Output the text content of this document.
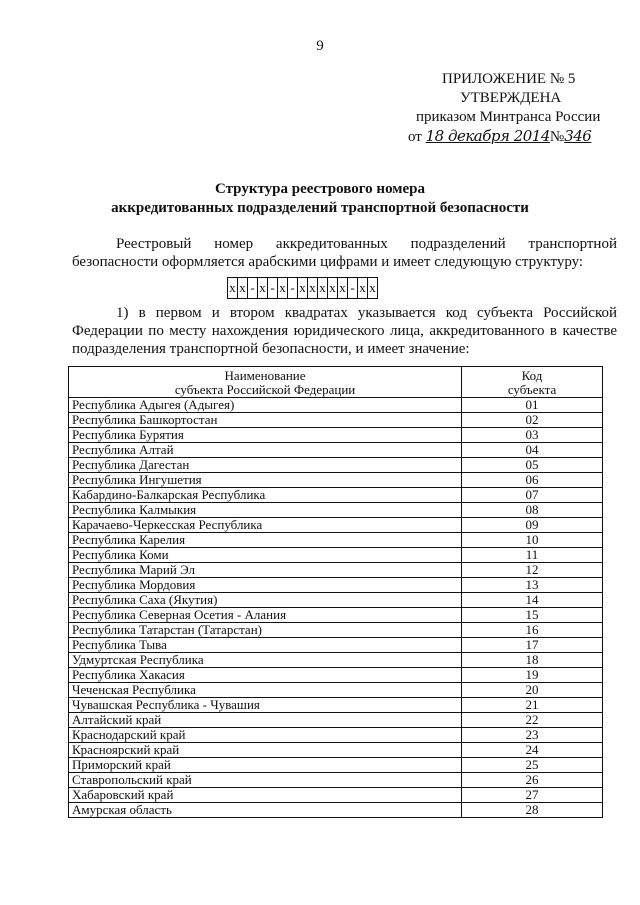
9
ПРИЛОЖЕНИЕ № 5
УТВЕРЖДЕНА
приказом Минтранса России
от 18 декабря 2014№346
Структура реестрового номера
аккредитованных подразделений транспортной безопасности
Реестровый номер аккредитованных подразделений транспортной безопасности оформляется арабскими цифрами и имеет следующую структуру:
x x - x - x - x x x x x - x x
1) в первом и втором квадратах указывается код субъекта Российской Федерации по месту нахождения юридического лица, аккредитованного в качестве подразделения транспортной безопасности, и имеет значение:
Наименование
субъекта Российской Федерации	Код
субъекта
Республика Адыгея (Адыгея)	01
Республика Башкортостан	02
Республика Бурятия	03
Республика Алтай	04
Республика Дагестан	05
Республика Ингушетия	06
Кабардино-Балкарская Республика	07
Республика Калмыкия	08
Карачаево-Черкесская Республика	09
Республика Карелия	10
Республика Коми	11
Республика Марий Эл	12
Республика Мордовия	13
Республика Саха (Якутия)	14
Республика Северная Осетия - Алания	15
Республика Татарстан (Татарстан)	16
Республика Тыва	17
Удмуртская Республика	18
Республика Хакасия	19
Чеченская Республика	20
Чувашская Республика - Чувашия	21
Алтайский край	22
Краснодарский край	23
Красноярский край	24
Приморский край	25
Ставропольский край	26
Хабаровский край	27
Амурская область	28
